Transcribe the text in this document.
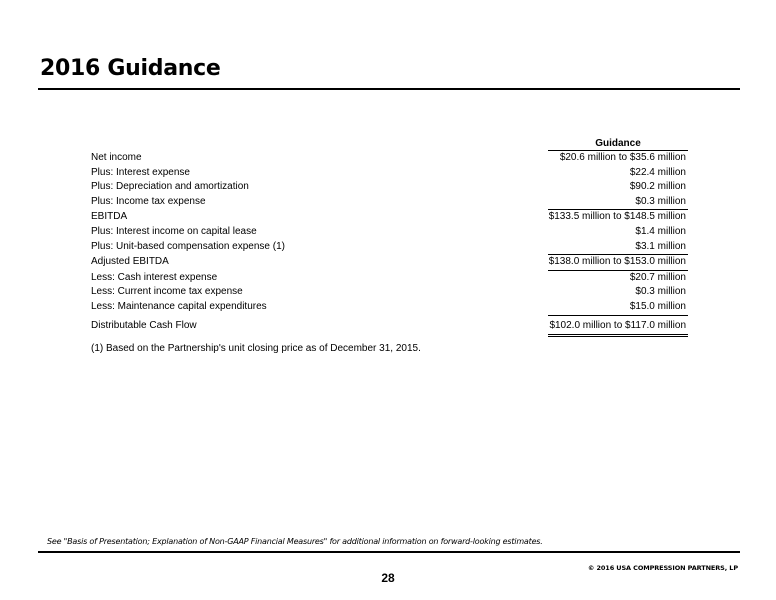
2016 Guidance
	Guidance
Net income	$20.6 million to $35.6 million
Plus: Interest expense	$22.4 million
Plus: Depreciation and amortization	$90.2 million
Plus: Income tax expense	$0.3 million
EBITDA	$133.5 million to $148.5 million
Plus: Interest income on capital lease	$1.4 million
Plus: Unit-based compensation expense (1)	$3.1 million
Adjusted EBITDA	$138.0 million to $153.0 million
Less: Cash interest expense	$20.7 million
Less: Current income tax expense	$0.3 million
Less: Maintenance capital expenditures	$15.0 million

Distributable Cash Flow	$102.0 million to $117.0 million
(1) Based on the Partnership's unit closing price as of December 31, 2015.
See "Basis of Presentation; Explanation of Non-GAAP Financial Measures" for additional information on forward-looking estimates.
© 2016 USA COMPRESSION PARTNERS, LP
28
